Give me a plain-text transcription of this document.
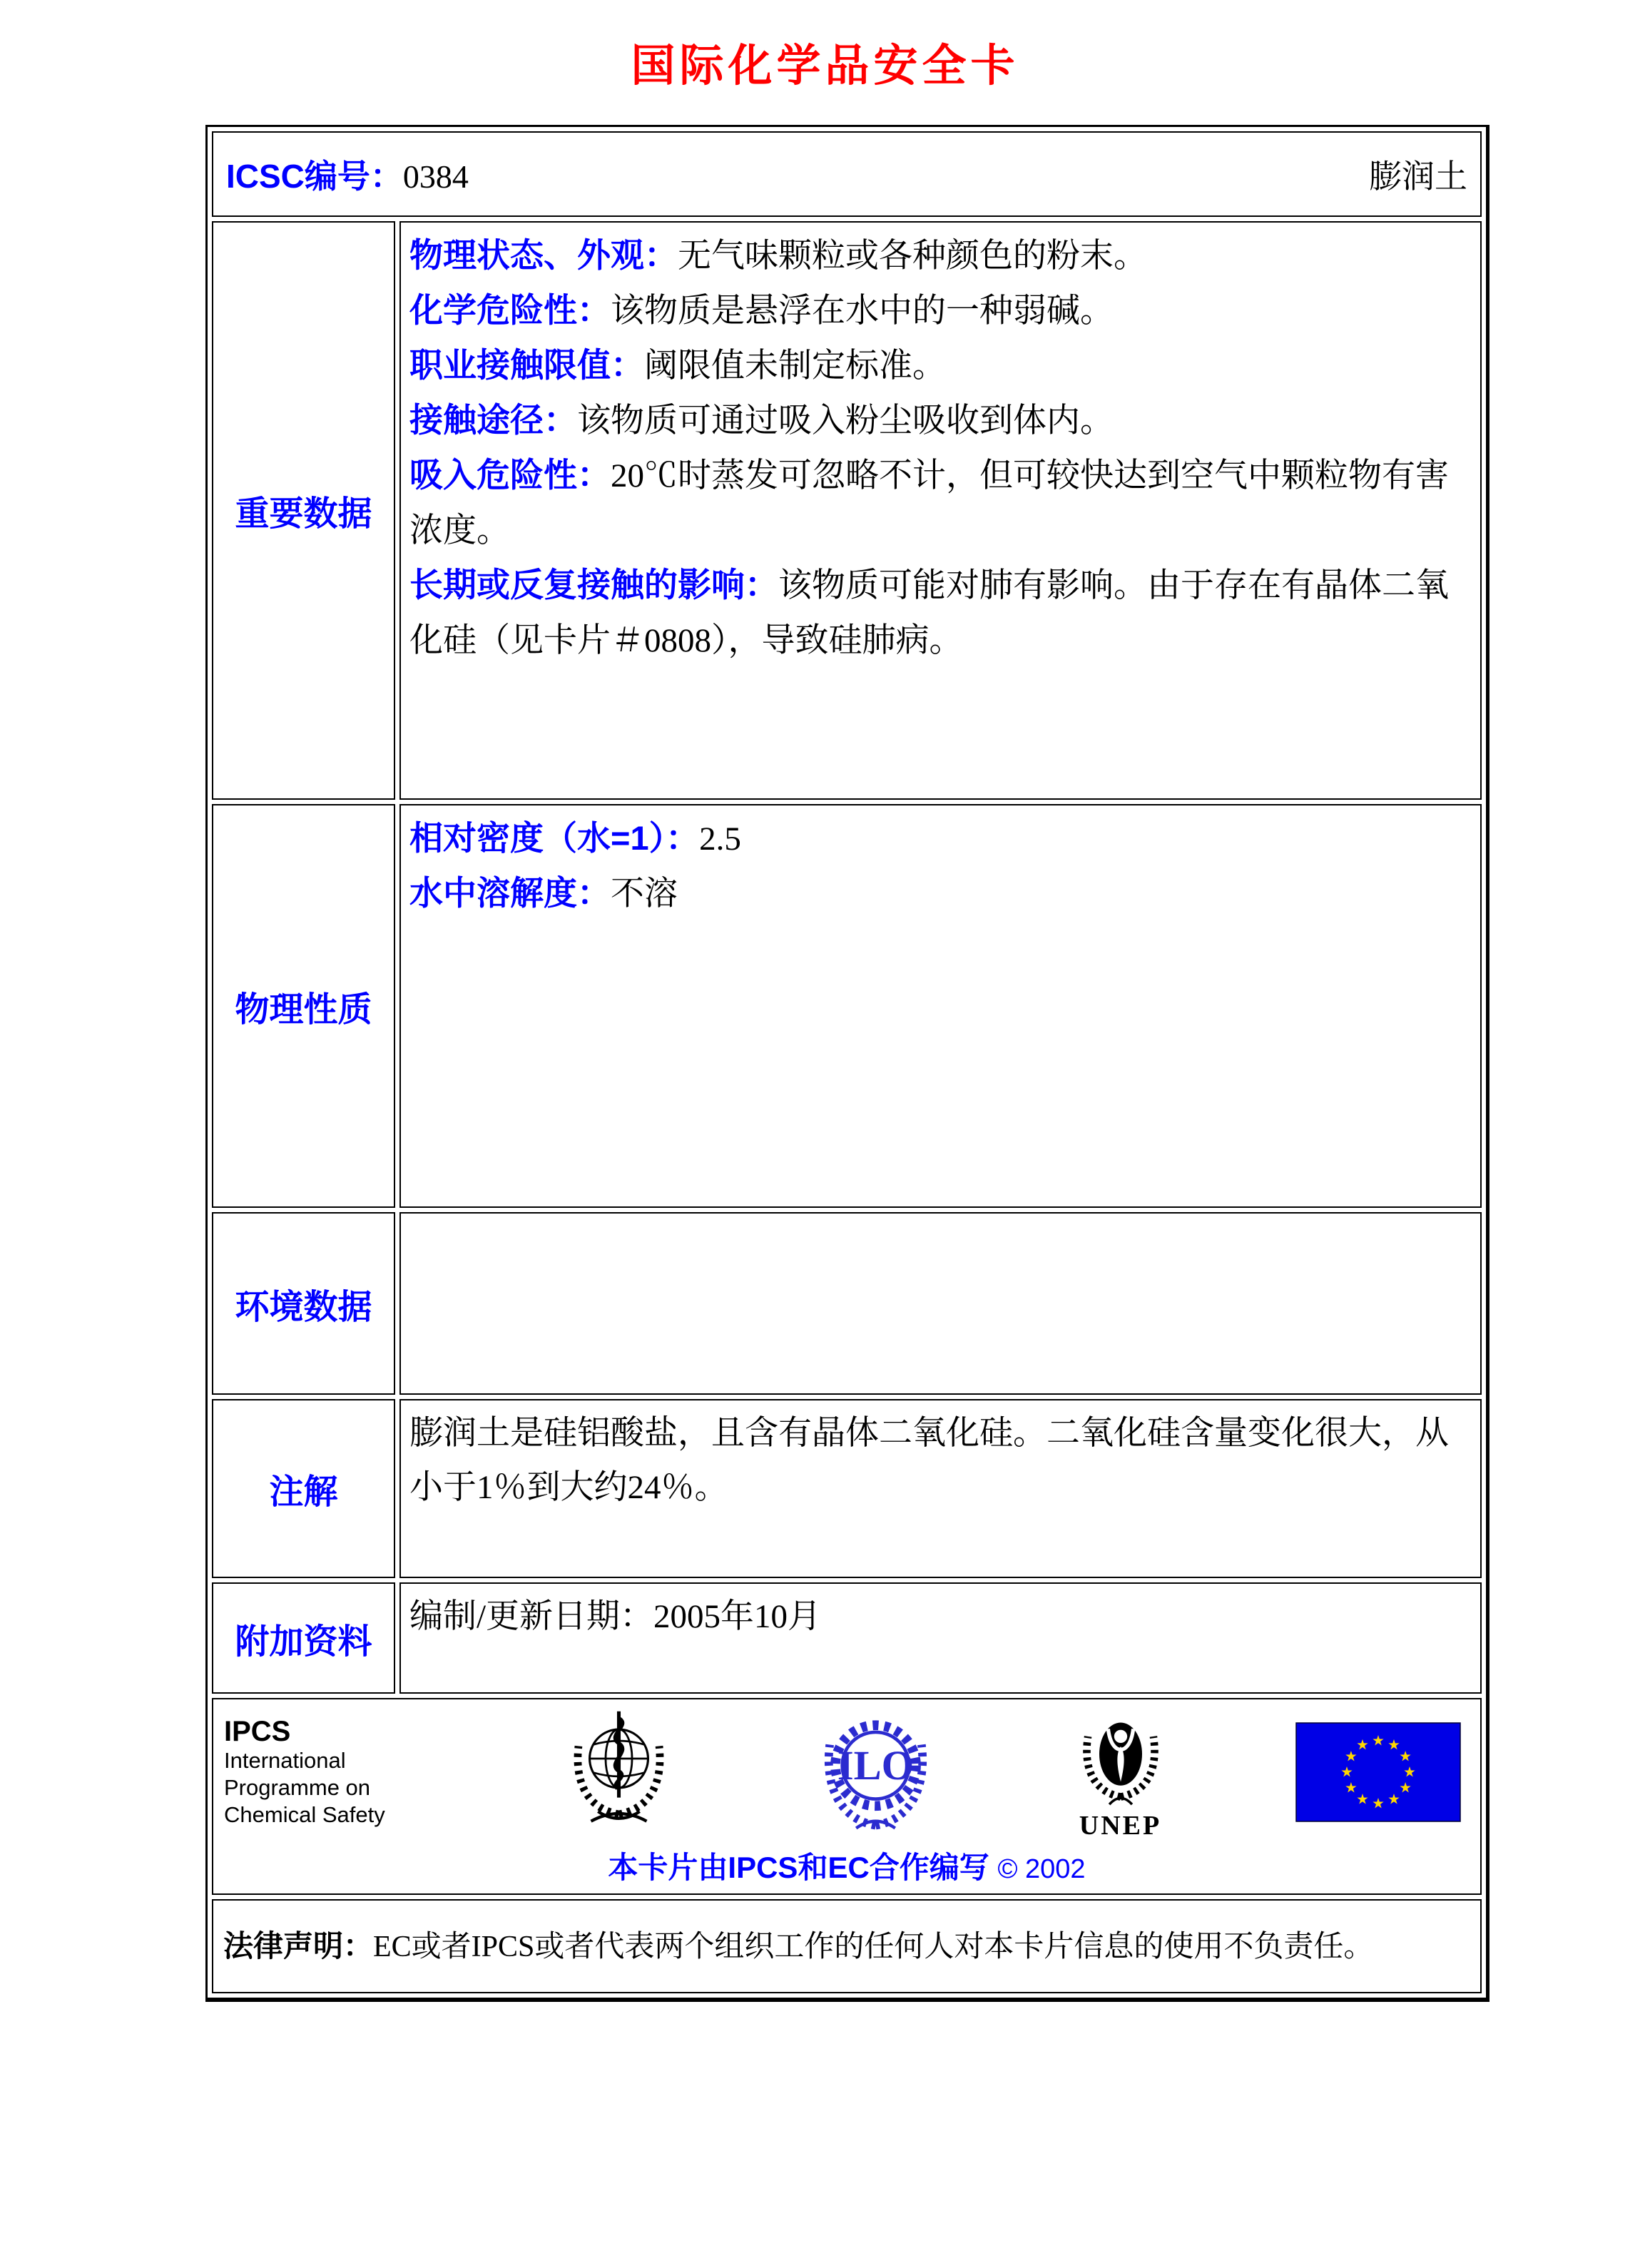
国际化学品安全卡
ICSC编号：0384 膨润土	

重要数据	
物理状态、外观：无气味颗粒或各种颜色的粉末。
化学危险性：该物质是悬浮在水中的一种弱碱。
职业接触限值：阈限值未制定标准。
接触途径：该物质可通过吸入粉尘吸收到体内。
吸入危险性：20℃时蒸发可忽略不计，但可较快达到空气中颗粒物有害浓度。
长期或反复接触的影响：该物质可能对肺有影响。由于存在有晶体二氧化硅（见卡片＃0808），导致硅肺病。

物理性质	相对密度（水=1）：2.5
水中溶解度：不溶

环境数据	

注解	膨润土是硅铝酸盐，且含有晶体二氧化硅。二氧化硅含量变化很大，从小于1％到大约24％。

附加资料	编制/更新日期：2005年10月

IPCS
International
Programme on
Chemical Safety
ILO
UNEP
本卡片由IPCS和EC合作编写 © 2002

法律声明：EC或者IPCS或者代表两个组织工作的任何人对本卡片信息的使用不负责任。	
